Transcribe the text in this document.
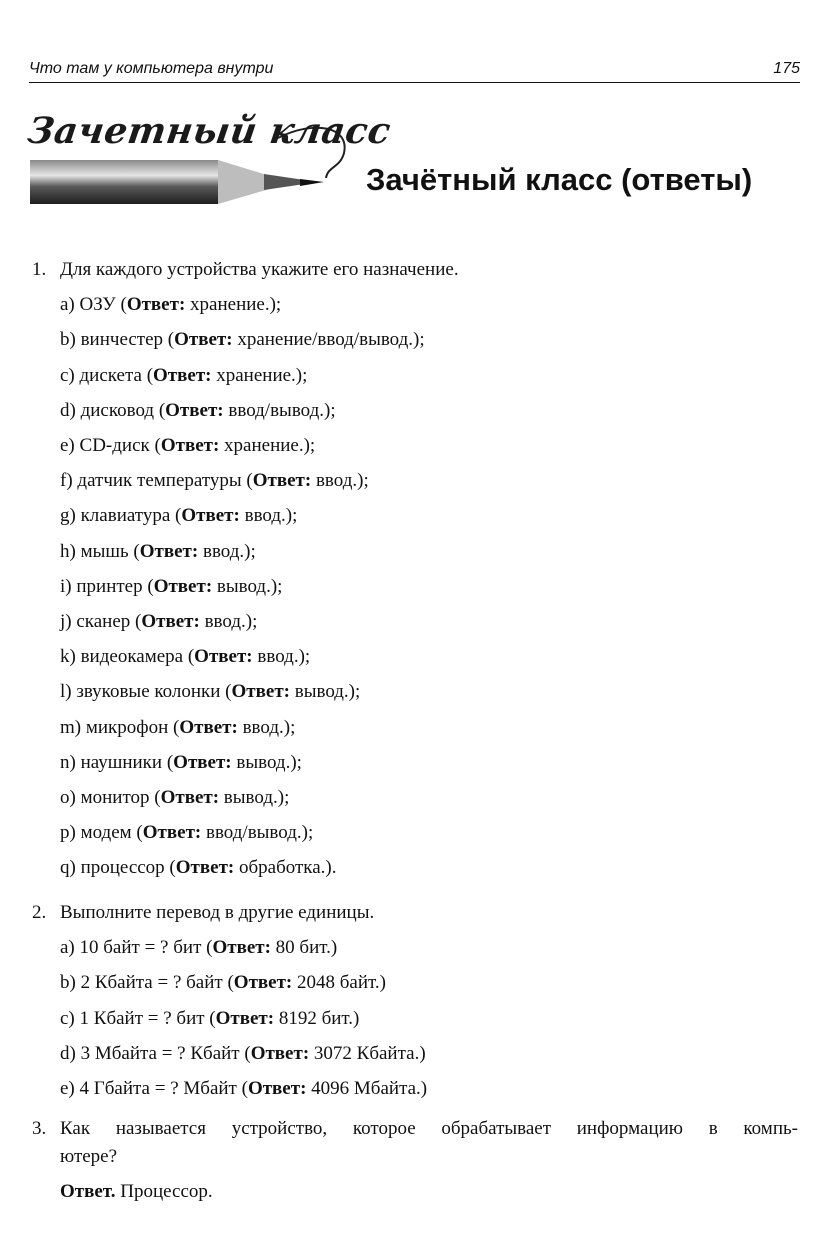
Что там у компьютера внутри	175
Зачетный класс
Зачётный класс (ответы)
1. Для каждого устройства укажите его назначение.
a) ОЗУ (Ответ: хранение.);
b) винчестер (Ответ: хранение/ввод/вывод.);
c) дискета (Ответ: хранение.);
d) дисковод (Ответ: ввод/вывод.);
e) CD-диск (Ответ: хранение.);
f) датчик температуры (Ответ: ввод.);
g) клавиатура (Ответ: ввод.);
h) мышь (Ответ: ввод.);
i) принтер (Ответ: вывод.);
j) сканер (Ответ: ввод.);
k) видеокамера (Ответ: ввод.);
l) звуковые колонки (Ответ: вывод.);
m) микрофон (Ответ: ввод.);
n) наушники (Ответ: вывод.);
o) монитор (Ответ: вывод.);
p) модем (Ответ: ввод/вывод.);
q) процессор (Ответ: обработка.).
2. Выполните перевод в другие единицы.
a) 10 байт = ? бит (Ответ: 80 бит.)
b) 2 Кбайта = ? байт (Ответ: 2048 байт.)
c) 1 Кбайт = ? бит (Ответ: 8192 бит.)
d) 3 Мбайта = ? Кбайт (Ответ: 3072 Кбайта.)
e) 4 Гбайта = ? Мбайт (Ответ: 4096 Мбайта.)
3. Как называется устройство, которое обрабатывает информацию в компь-
ютере?
Ответ. Процессор.
